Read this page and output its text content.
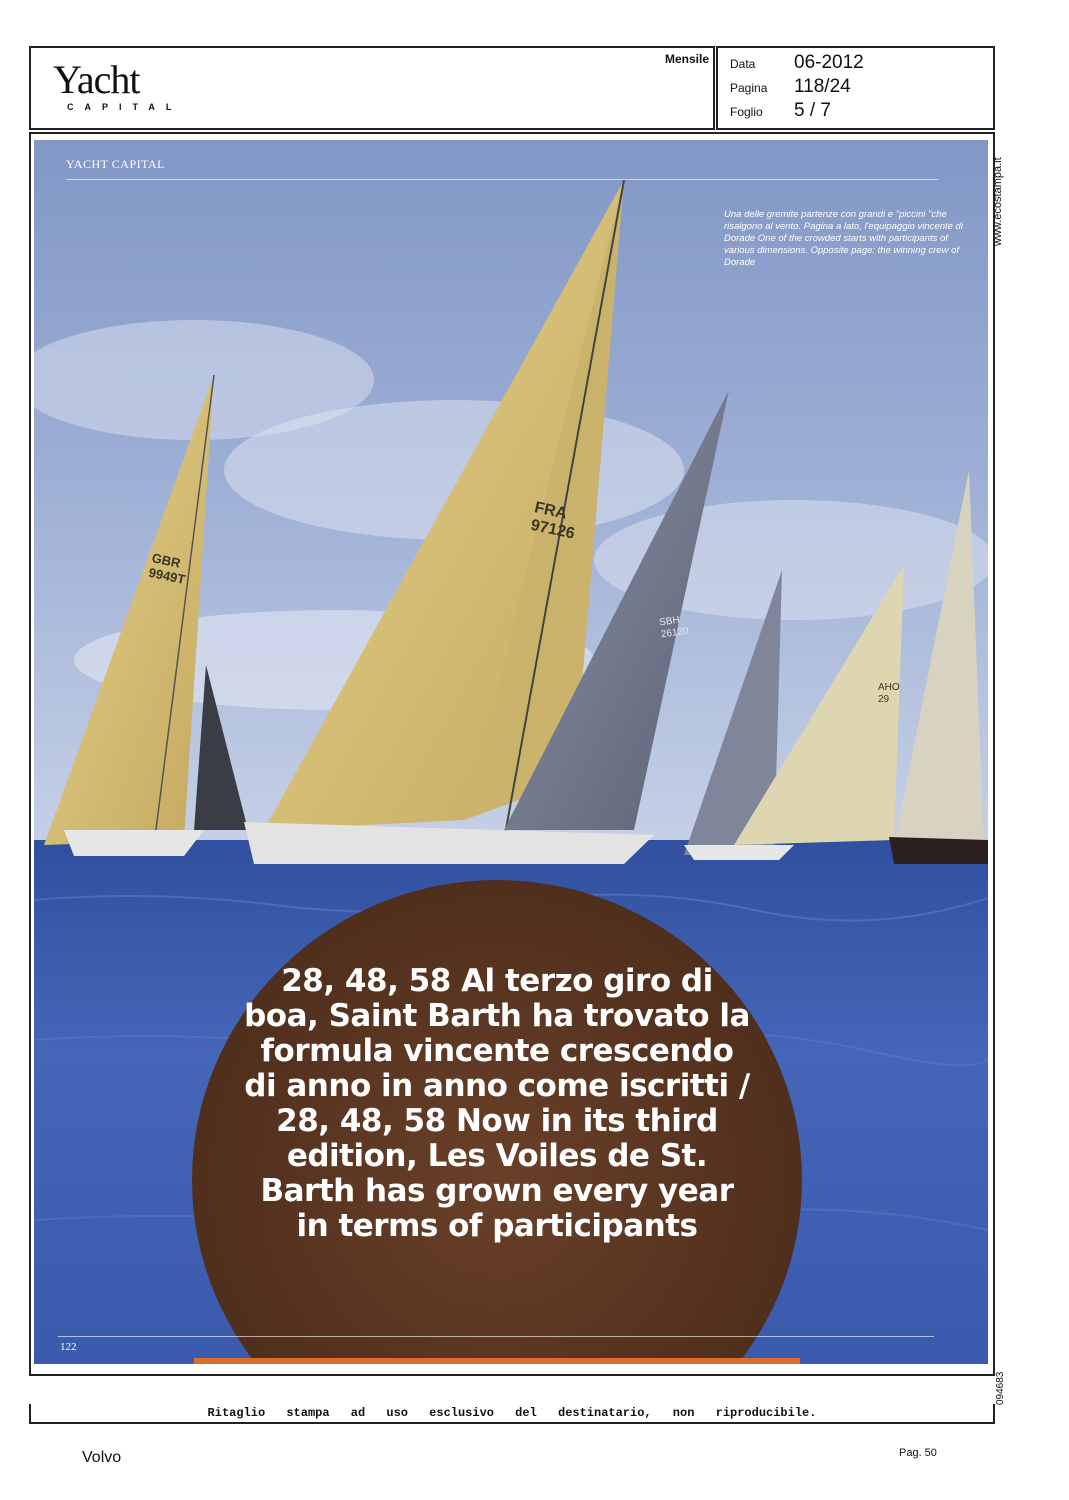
Yacht
CAPITAL
Mensile Data	06-2012
Pagina	118/24
Foglio	5 / 7
FRA 97126
GBR 9949T
SBH 26120
AHO 29
YACHT CAPITAL
Una delle gremite partenze con grandi e "piccini "che risalgono al vento. Pagina a lato, l'equipaggio vincente di Dorade One of the crowded starts with participants of various dimensions. Opposite page: the winning crew of Dorade
28, 48, 58 Al terzo giro di boa, Saint Barth ha trovato la formula vincente crescendo di anno in anno come iscritti / 28, 48, 58 Now in its third edition, Les Voiles de St. Barth has grown every year in terms of participants
122
www.ecostampa.it
094683
Ritaglio stampa ad uso esclusivo del destinatario, non riproducibile.
Volvo	Pag. 50
